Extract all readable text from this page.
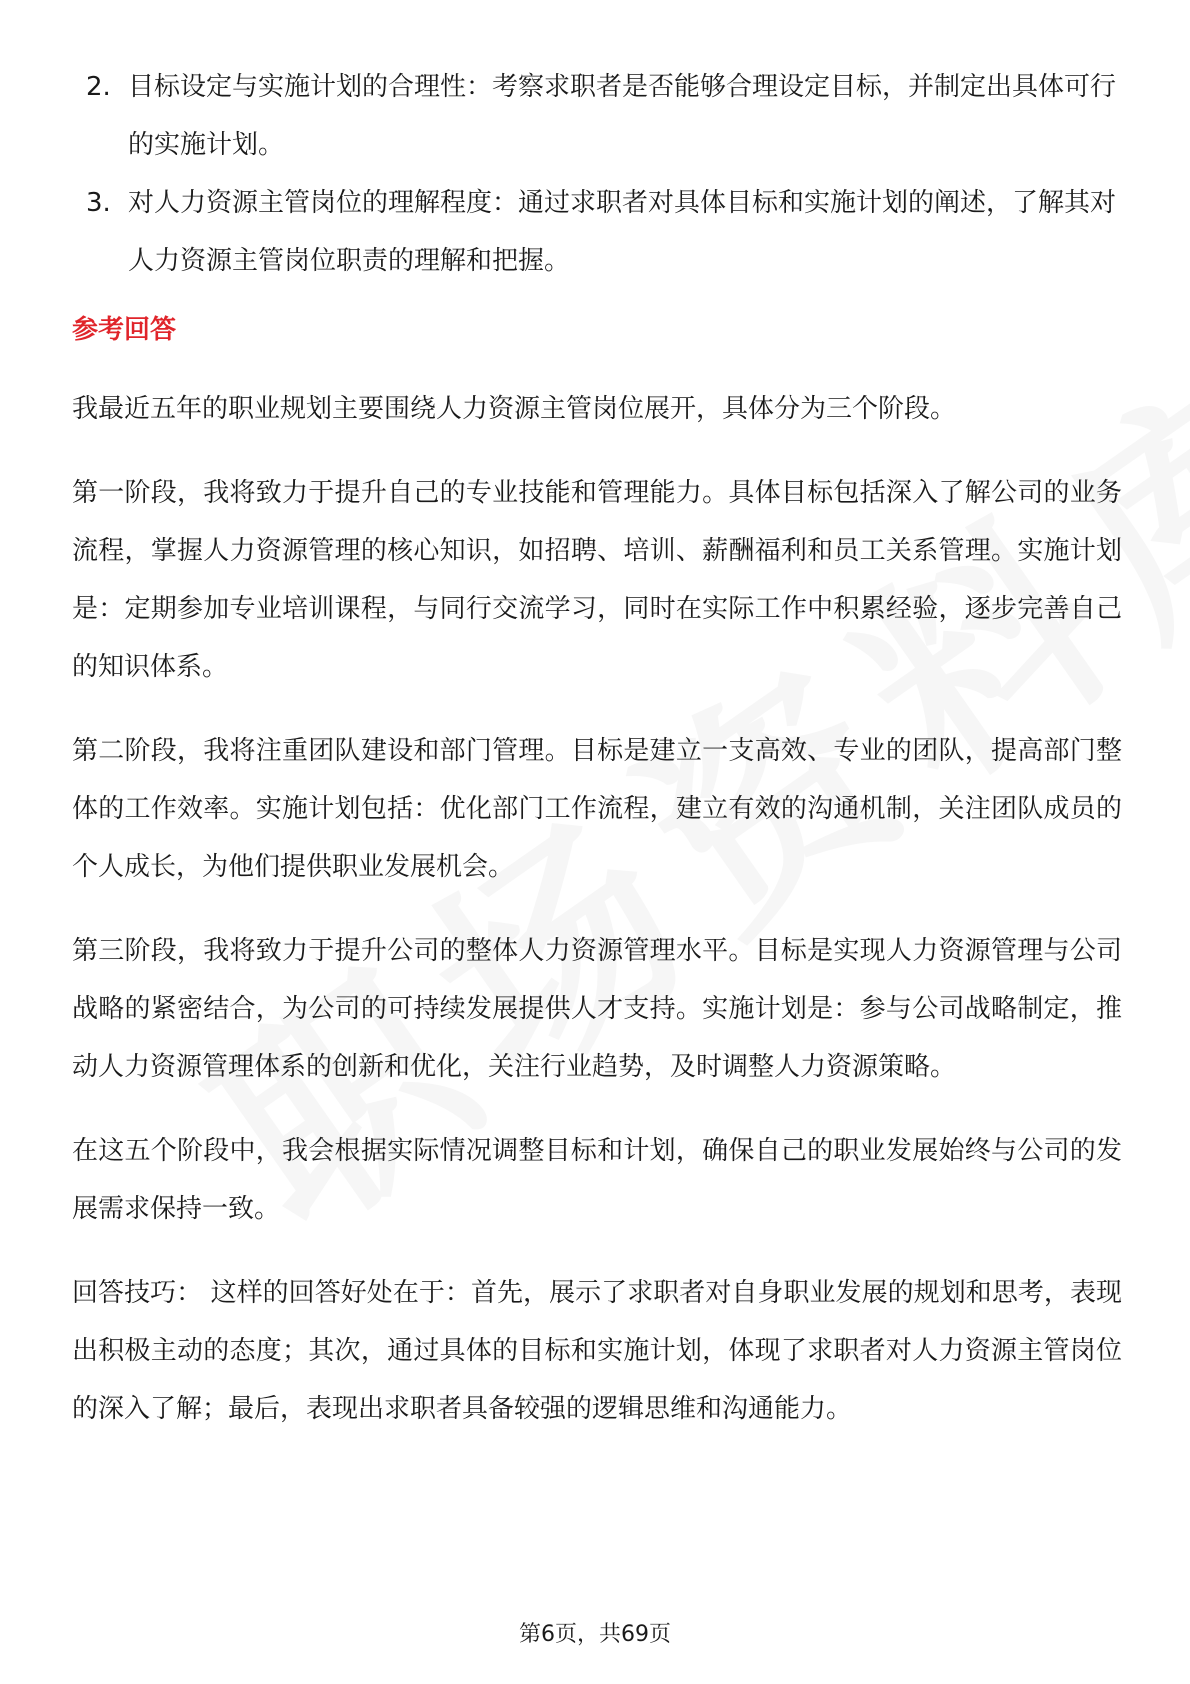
2. 目标设定与实施计划的合理性：考察求职者是否能够合理设定目标，并制定出具体可行的实施计划。
3. 对人力资源主管岗位的理解程度：通过求职者对具体目标和实施计划的阐述，了解其对人力资源主管岗位职责的理解和把握。
参考回答

我最近五年的职业规划主要围绕人力资源主管岗位展开，具体分为三个阶段。

第一阶段，我将致力于提升自己的专业技能和管理能力。具体目标包括深入了解公司的业务流程，掌握人力资源管理的核心知识，如招聘、培训、薪酬福利和员工关系管理。实施计划是：定期参加专业培训课程，与同行交流学习，同时在实际工作中积累经验，逐步完善自己的知识体系。

第二阶段，我将注重团队建设和部门管理。目标是建立一支高效、专业的团队，提高部门整体的工作效率。实施计划包括：优化部门工作流程，建立有效的沟通机制，关注团队成员的个人成长，为他们提供职业发展机会。

第三阶段，我将致力于提升公司的整体人力资源管理水平。目标是实现人力资源管理与公司战略的紧密结合，为公司的可持续发展提供人才支持。实施计划是：参与公司战略制定，推动人力资源管理体系的创新和优化，关注行业趋势，及时调整人力资源策略。

在这五个阶段中，我会根据实际情况调整目标和计划，确保自己的职业发展始终与公司的发展需求保持一致。

回答技巧： 这样的回答好处在于：首先，展示了求职者对自身职业发展的规划和思考，表现出积极主动的态度；其次，通过具体的目标和实施计划，体现了求职者对人力资源主管岗位的深入了解；最后，表现出求职者具备较强的逻辑思维和沟通能力。

第6页，共69页
